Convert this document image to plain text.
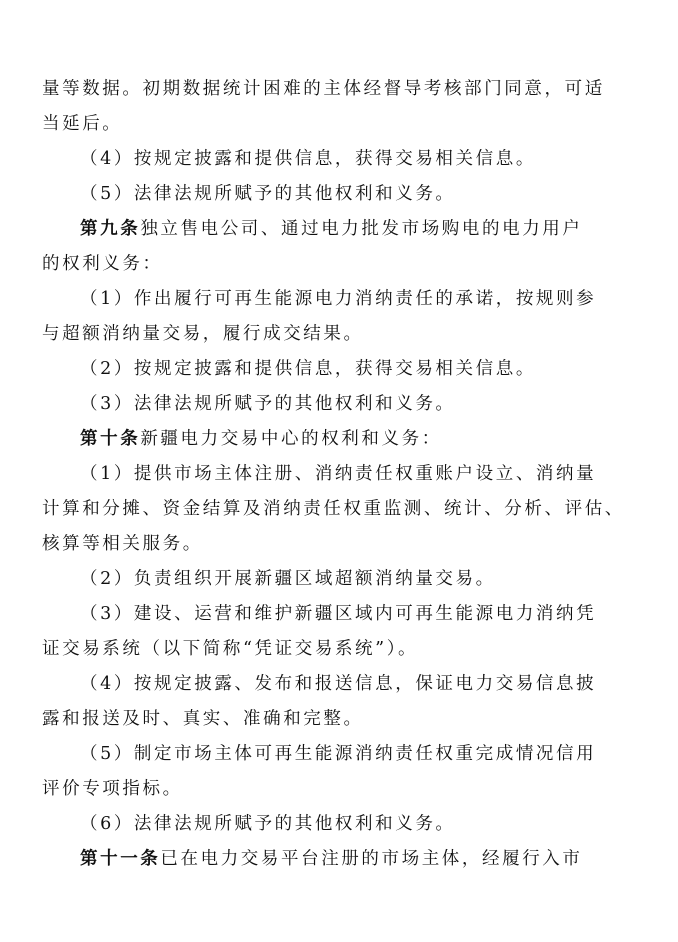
量等数据。初期数据统计困难的主体经督导考核部门同意，可适
当延后。
（4）按规定披露和提供信息，获得交易相关信息。
（5）法律法规所赋予的其他权利和义务。
第九条独立售电公司、通过电力批发市场购电的电力用户
的权利义务：
（1）作出履行可再生能源电力消纳责任的承诺，按规则参
与超额消纳量交易，履行成交结果。
（2）按规定披露和提供信息，获得交易相关信息。
（3）法律法规所赋予的其他权利和义务。
第十条新疆电力交易中心的权利和义务：
（1）提供市场主体注册、消纳责任权重账户设立、消纳量
计算和分摊、资金结算及消纳责任权重监测、统计、分析、评估、
核算等相关服务。
（2）负责组织开展新疆区域超额消纳量交易。
（3）建设、运营和维护新疆区域内可再生能源电力消纳凭
证交易系统（以下简称“凭证交易系统”）。
（4）按规定披露、发布和报送信息，保证电力交易信息披
露和报送及时、真实、准确和完整。
（5）制定市场主体可再生能源消纳责任权重完成情况信用
评价专项指标。
（6）法律法规所赋予的其他权利和义务。
第十一条已在电力交易平台注册的市场主体，经履行入市
